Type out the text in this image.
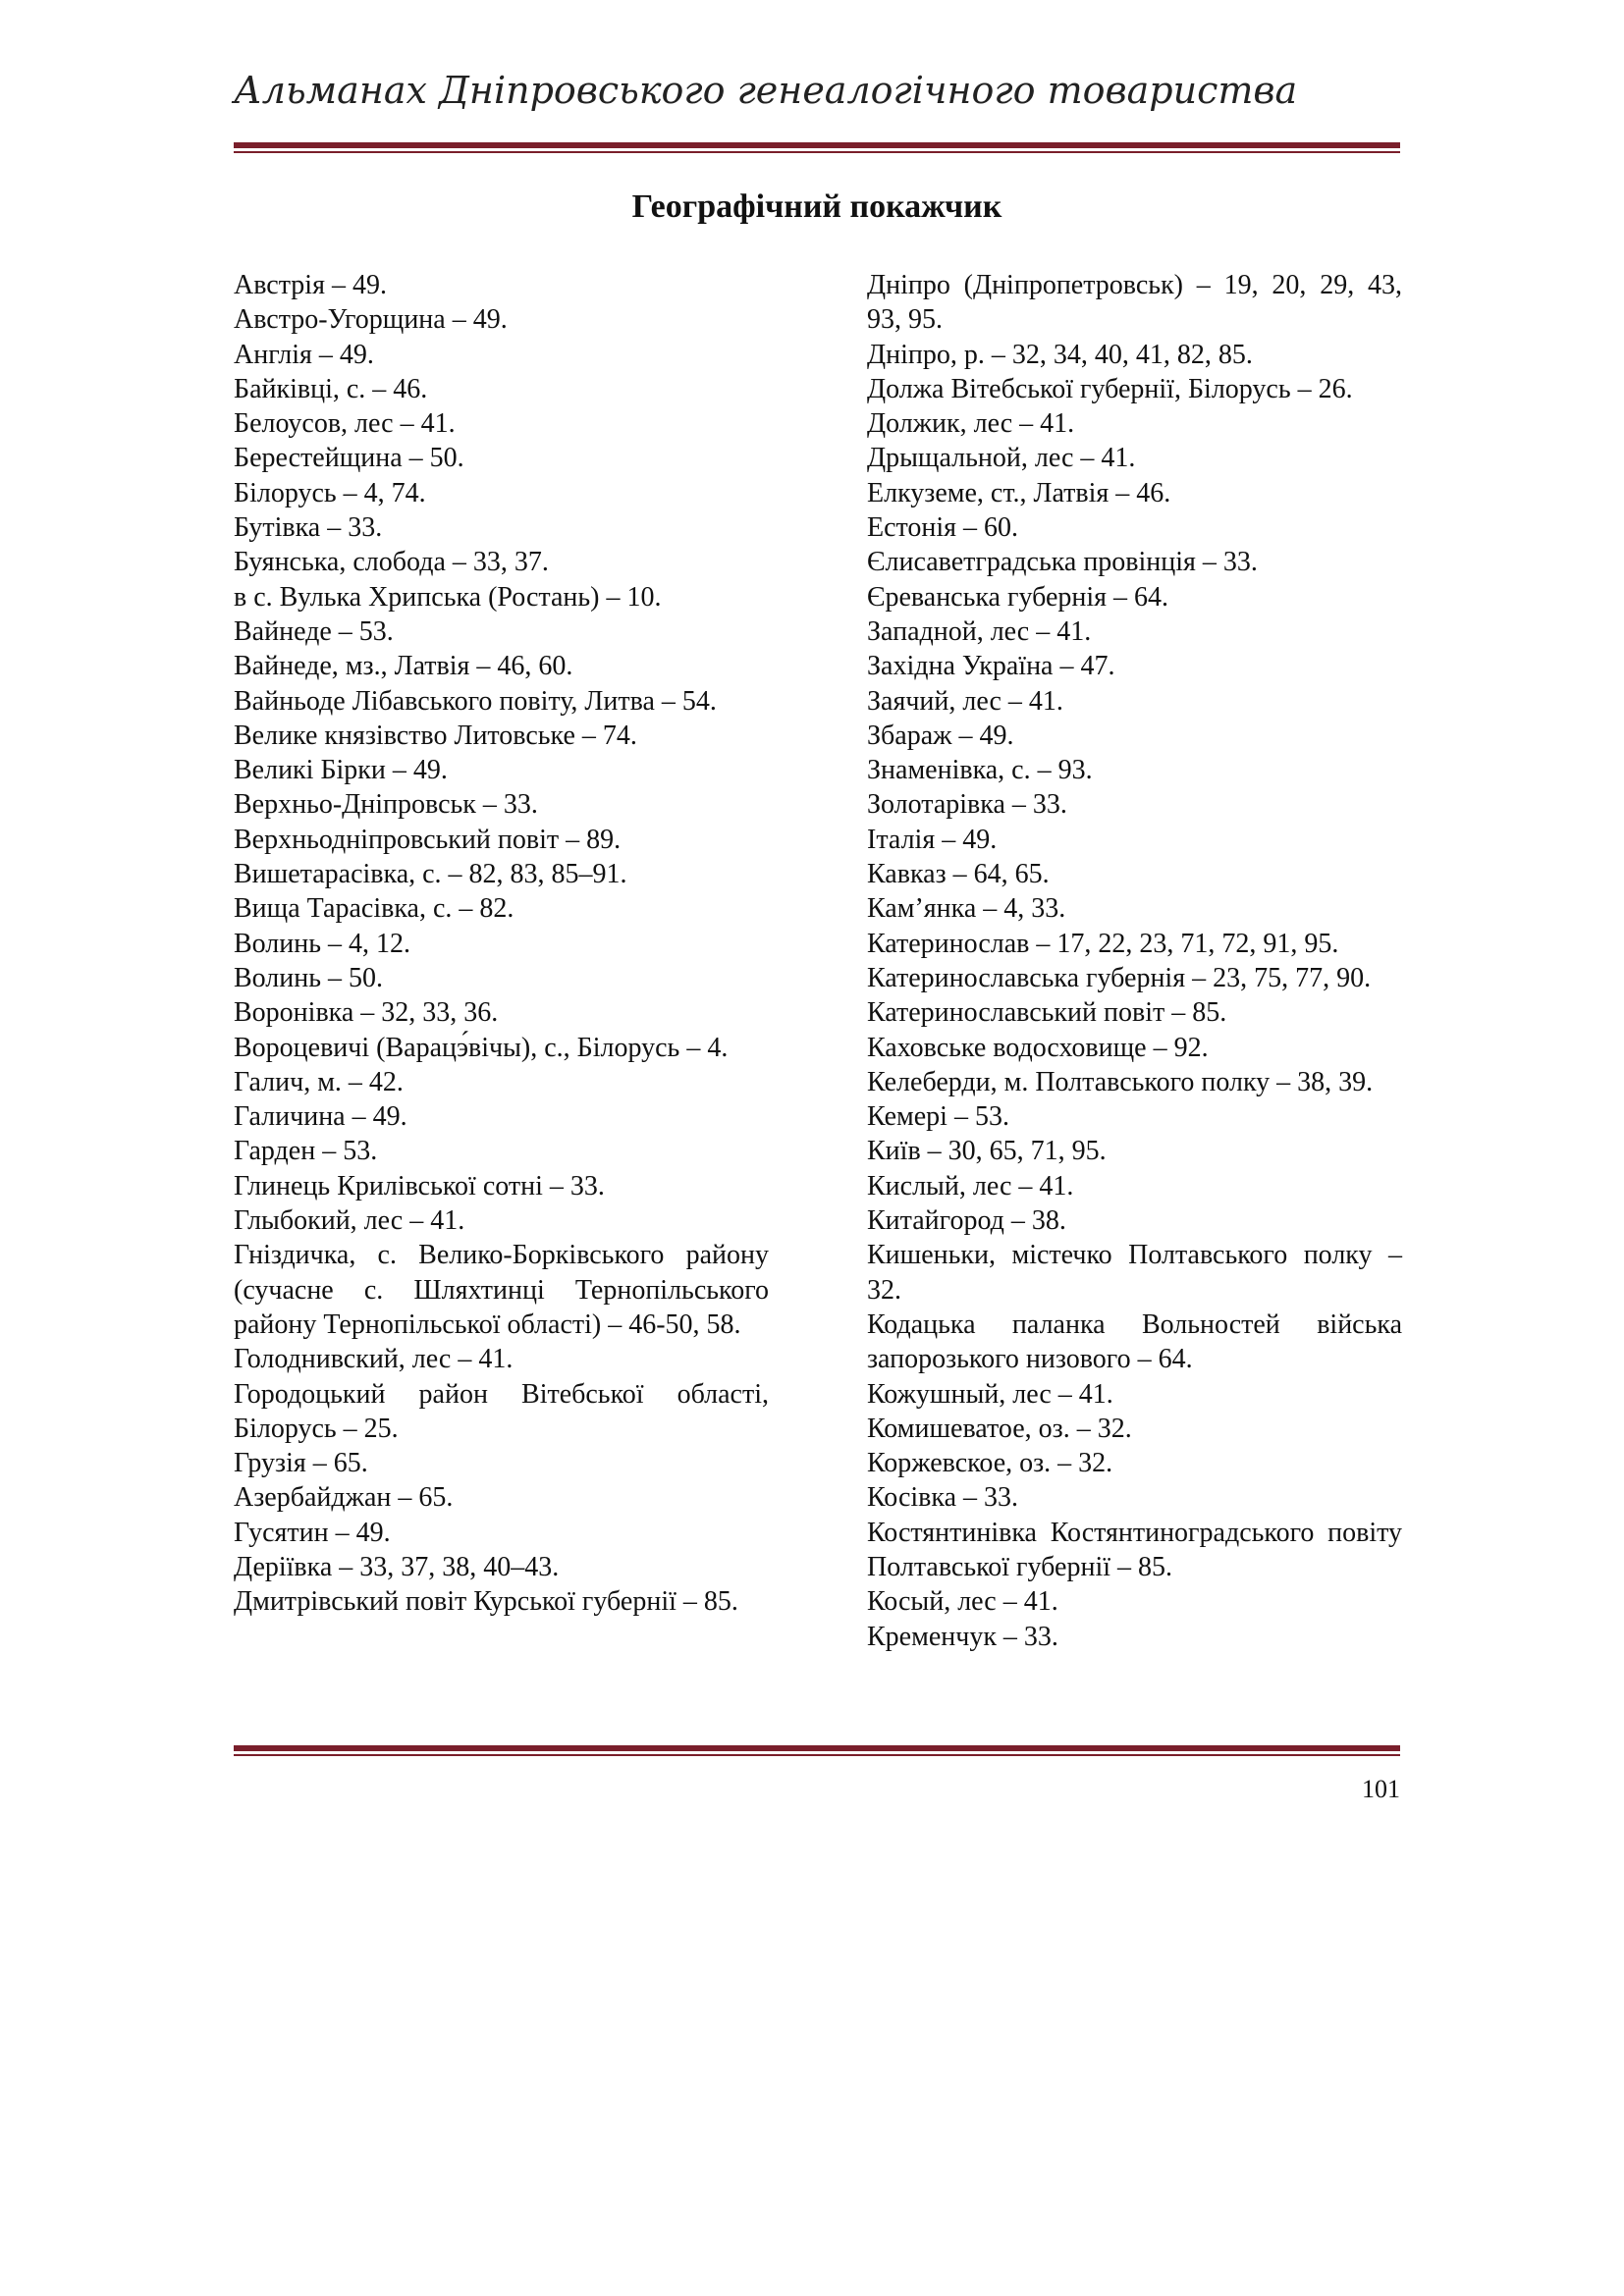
Альманах Дніпровського генеалогічного товариства
Географічний покажчик

Австрія – 49.

Австро-Угорщина – 49.

Англія – 49.

Байківці, с. – 46.

Белоусов, лес – 41.

Берестейщина – 50.

Білорусь – 4, 74.

Бутівка – 33.

Буянська, слобода – 33, 37.

в с. Вулька Хрипська (Ростань) – 10.

Вайнеде – 53.

Вайнеде, мз., Латвія – 46, 60.

Вайньоде Лібавського повіту, Литва – 54.

Велике князівство Литовське – 74.

Великі Бірки – 49.

Верхньо-Дніпровськ – 33.

Верхньодніпровський повіт – 89.

Вишетарасівка, с. – 82, 83, 85–91.

Вища Тарасівка, с. – 82.

Волинь – 4, 12.

Волинь – 50.

Воронівка – 32, 33, 36.

Вороцевичі (Варацэ́вічы), с., Білорусь – 4.

Галич, м. – 42.

Галичина – 49.

Гарден – 53.

Глинець Крилівської сотні – 33.

Глыбокий, лес – 41.

Гніздичка, с. Велико-Борківського району (сучасне с. Шляхтинці Тернопільського району Тернопільської області) – 46-50, 58.

Голоднивский, лес – 41.

Городоцький район Вітебської області, Білорусь – 25.

Грузія – 65.

Азербайджан – 65.

Гусятин – 49.

Деріївка – 33, 37, 38, 40–43.

Дмитрівський повіт Курської губернії – 85.

Дніпро (Дніпропетровськ) – 19, 20, 29, 43, 93, 95.

Дніпро, р. – 32, 34, 40, 41, 82, 85.

Должа Вітебської губернії, Білорусь – 26.

Должик, лес – 41.

Дрыщальной, лес – 41.

Елкуземе, ст., Латвія – 46.

Естонія – 60.

Єлисаветградська провінція – 33.

Єреванська губернія – 64.

Западной, лес – 41.

Західна Україна – 47.

Заячий, лес – 41.

Збараж – 49.

Знаменівка, с. – 93.

Золотарівка – 33.

Італія – 49.

Кавказ – 64, 65.

Кам’янка – 4, 33.

Катеринослав – 17, 22, 23, 71, 72, 91, 95.

Катеринославська губернія – 23, 75, 77, 90.

Катеринославський повіт – 85.

Каховське водосховище – 92.

Келеберди, м. Полтавського полку – 38, 39.

Кемері – 53.

Київ – 30, 65, 71, 95.

Кислый, лес – 41.

Китайгород – 38.

Кишеньки, містечко Полтавського полку – 32.

Кодацька паланка Вольностей війська запорозького низового – 64.

Кожушный, лес – 41.

Комишеватое, оз. – 32.

Коржевское, оз. – 32.

Косівка – 33.

Костянтинівка Костянтиноградського повіту Полтавської губернії – 85.

Косый, лес – 41.

Кременчук – 33.

101
